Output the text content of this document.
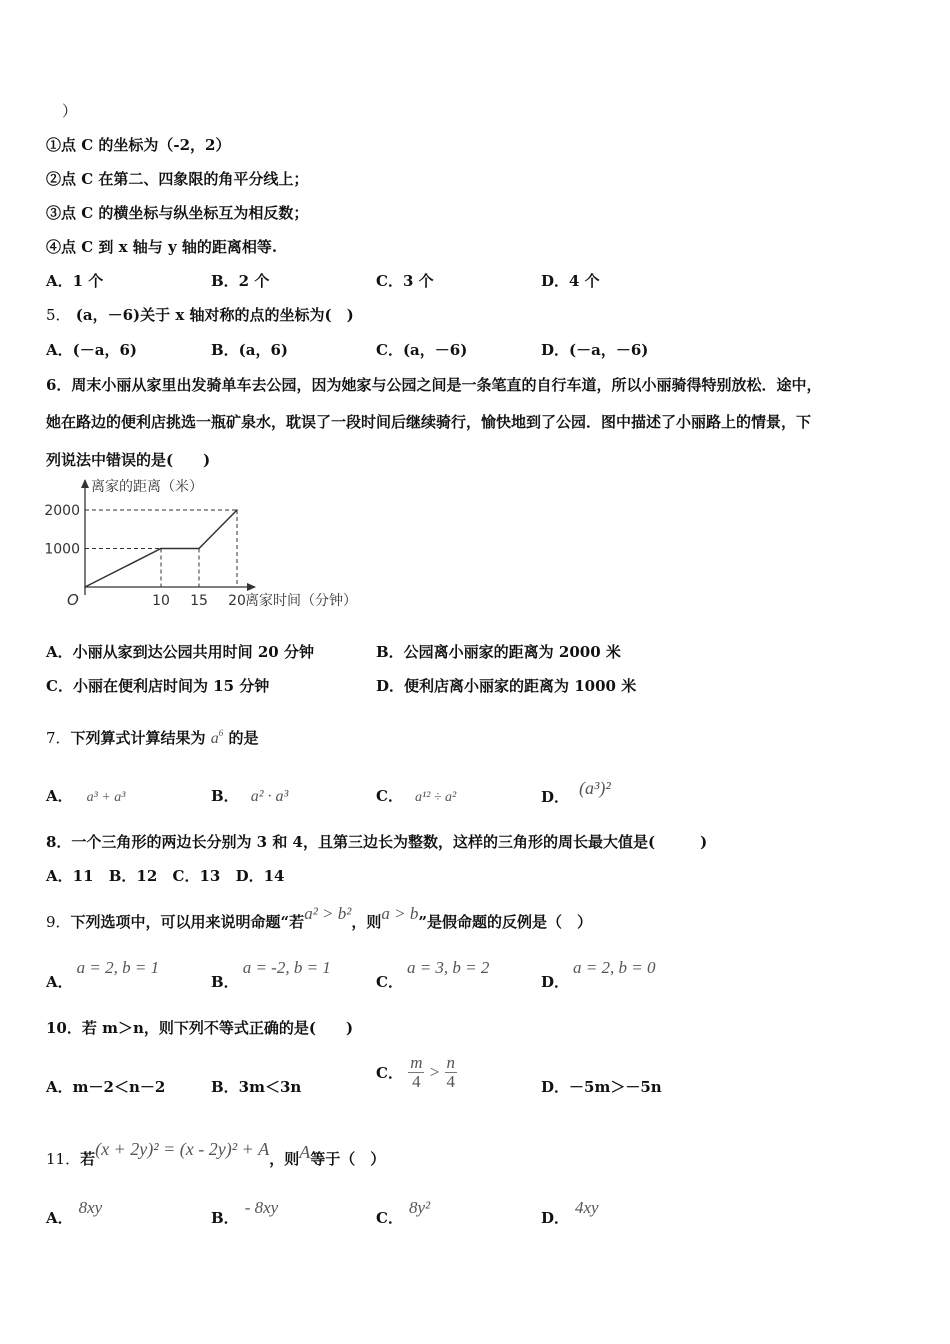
）
①点 C 的坐标为（-2，2）
②点 C 在第二、四象限的角平分线上；
③点 C 的横坐标与纵坐标互为相反数；
④点 C 到 x 轴与 y 轴的距离相等.
A．1 个	B．2 个	C．3 个	D．4 个
5． (a，－6)关于 x 轴对称的点的坐标为(　)
A．(－a，6)	B．(a，6)	C．(a，－6)	D．(－a，－6)
6．周末小丽从家里出发骑单车去公园，因为她家与公园之间是一条笔直的自行车道，所以小丽骑得特别放松．途中，
她在路边的便利店挑选一瓶矿泉水，耽误了一段时间后继续骑行，愉快地到了公园．图中描述了小丽路上的情景，下
列说法中错误的是(　　)
离家的距离（米）
离家时间（分钟）
O
1000
2000
10 15 20
A．小丽从家到达公园共用时间 20 分钟	B．公园离小丽家的距离为 2000 米
C．小丽在便利店时间为 15 分钟	D．便利店离小丽家的距离为 1000 米
7．下列算式计算结果为 $a^6$ 的是
A． a³ + a³	B． a² · a³	C． a¹² ÷ a²	D． (a³)²
8．一个三角形的两边长分别为 3 和 4，且第三边长为整数，这样的三角形的周长最大值是(　　　)
A．11 B．12 C．13 D．14
9．下列选项中，可以用来说明命题“若a² > b²，则a > b”是假命题的反例是（　）
A．a = 2, b = 1
B．a = -2, b = 1
C．a = 3, b = 2
D．a = 2, b = 0
10．若 m＞n，则下列不等式正确的是(　　)
A．m－2＜n－2	B．3m＜3n
C． $\frac{m}{4} > \frac{n}{4}$	D．－5m＞－5n
11．若(x + 2y)² = (x - 2y)² + A，则A等于（　）
A．8xy
B．- 8xy
C．8y²
D．4xy
